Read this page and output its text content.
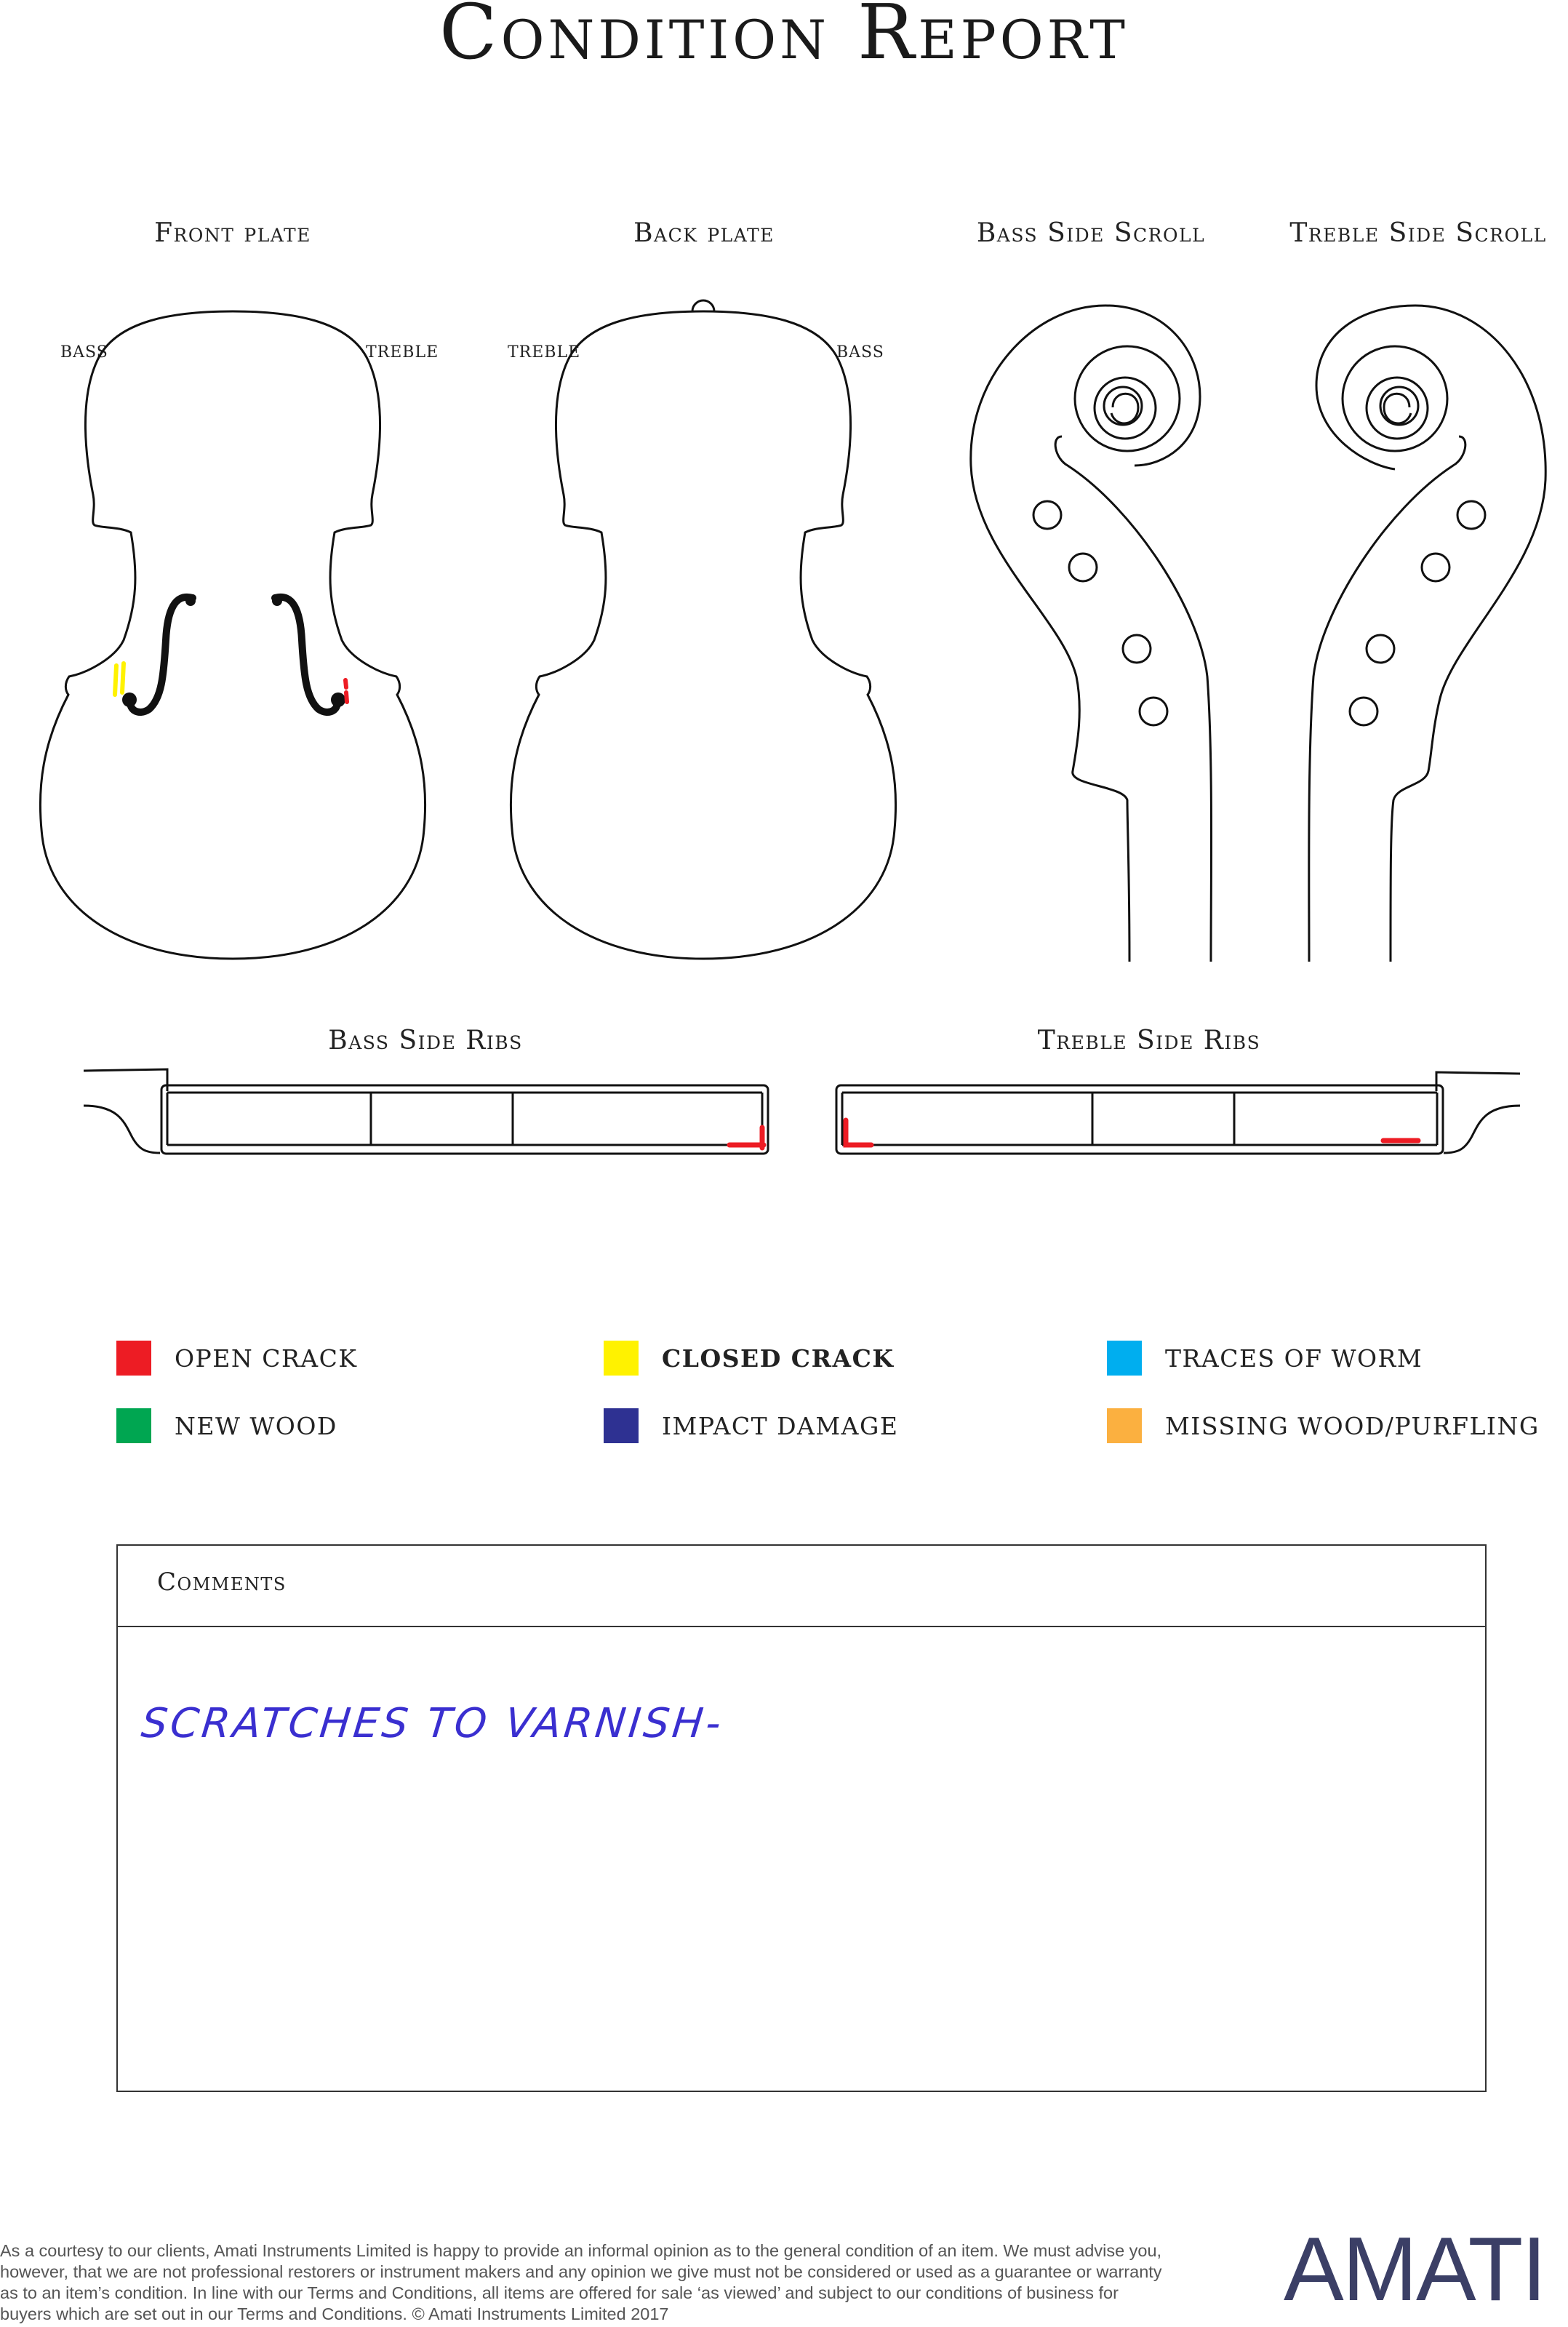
Condition Report
Front plate	Back plate	Bass Side Scroll	Treble Side Scroll
Bass Side Ribs	Treble Side Ribs
BASS	TREBLE	TREBLE	BASS
OPEN CRACK	CLOSED CRACK	TRACES OF WORM
NEW WOOD	IMPACT DAMAGE	MISSING WOOD/PURFLING
Comments
SCRATCHES TO VARNISH-
As a courtesy to our clients, Amati Instruments Limited is happy to provide an informal opinion as to the general condition of an item. We must advise you, however, that we are not professional restorers or instrument makers and any opinion we give must not be considered or used as a guarantee or warranty as to an item’s condition. In line with our Terms and Conditions, all items are offered for sale ‘as viewed’ and subject to our conditions of business for buyers which are set out in our Terms and Conditions. © Amati Instruments Limited 2017	AMATI
